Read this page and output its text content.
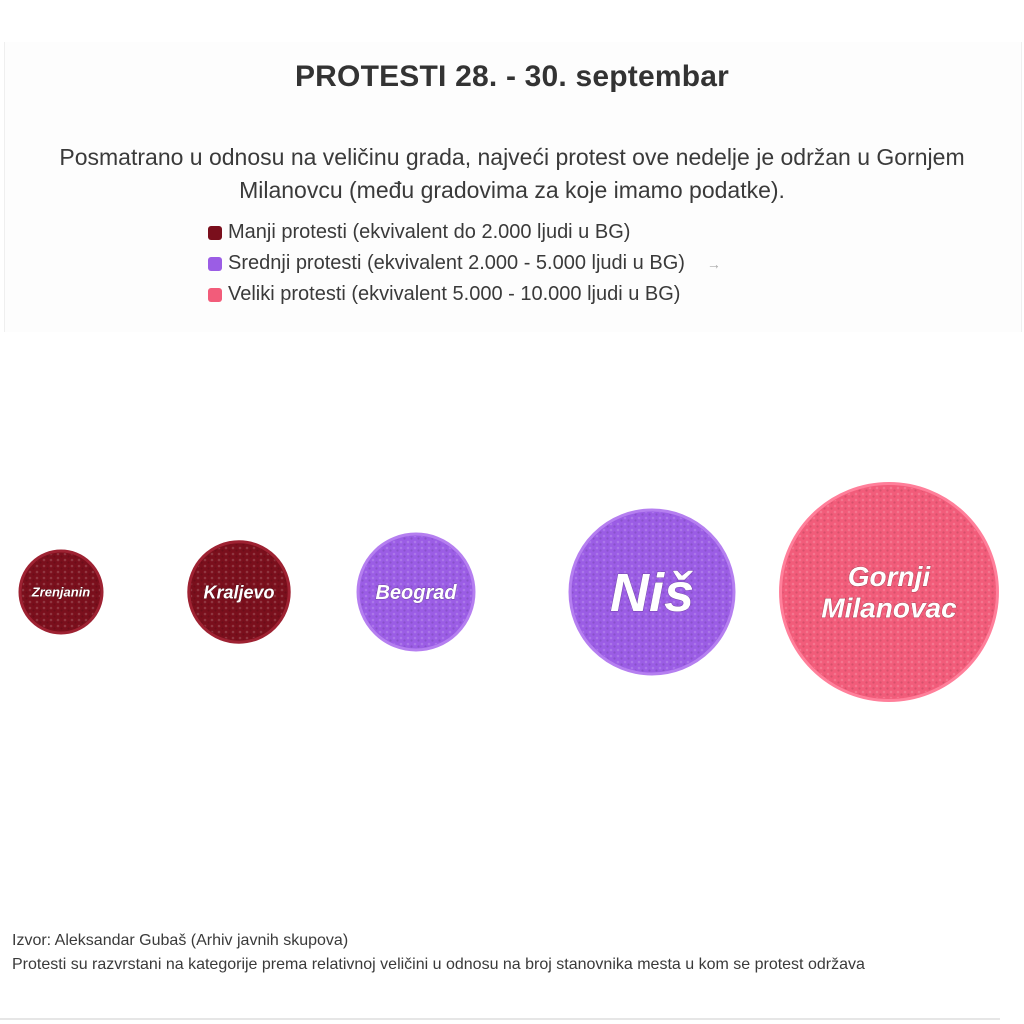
PROTESTI 28. - 30. septembar
Posmatrano u odnosu na veličinu grada, najveći protest ove nedelje je održan u Gornjem Milanovcu (među gradovima za koje imamo podatke).
Manji protesti (ekvivalent do 2.000 ljudi u BG)
Srednji protesti (ekvivalent 2.000 - 5.000 ljudi u BG) →
Veliki protesti (ekvivalent 5.000 - 10.000 ljudi u BG)
Zrenjanin	Kraljevo	Beograd	Niš	Gornji Milanovac
Izvor: Aleksandar Gubaš (Arhiv javnih skupova)
Protesti su razvrstani na kategorije prema relativnoj veličini u odnosu na broj stanovnika mesta u kom se protest održava
